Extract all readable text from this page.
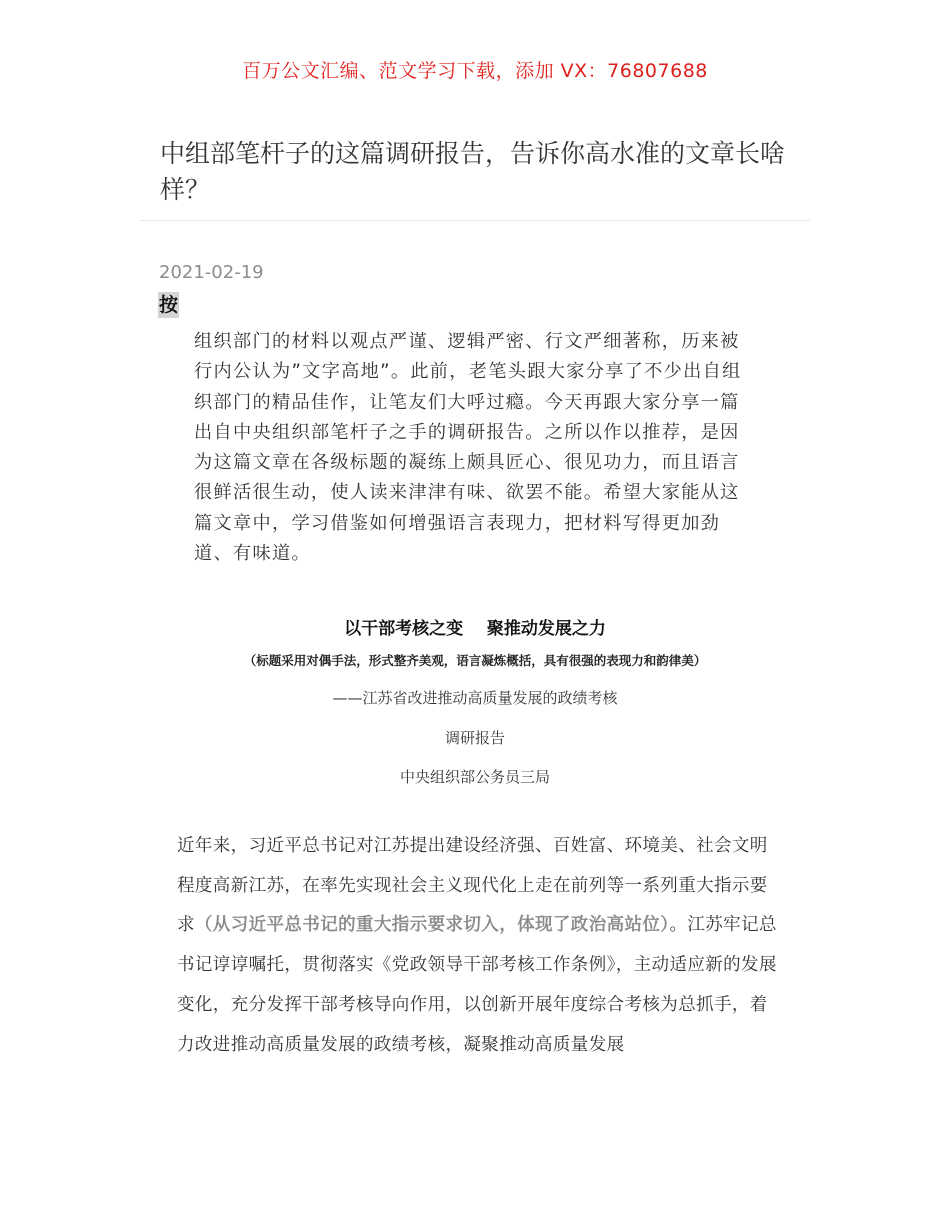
百万公文汇编、范文学习下载，添加 VX：76807688
中组部笔杆子的这篇调研报告，告诉你高水准的文章长啥样？
2021-02-19
按

组织部门的材料以观点严谨、逻辑严密、行文严细著称，历来被行内公认为”文字高地”。此前，老笔头跟大家分享了不少出自组织部门的精品佳作，让笔友们大呼过瘾。今天再跟大家分享一篇出自中央组织部笔杆子之手的调研报告。之所以作以推荐，是因为这篇文章在各级标题的凝练上颇具匠心、很见功力，而且语言很鲜活很生动，使人读来津津有味、欲罢不能。希望大家能从这篇文章中，学习借鉴如何增强语言表现力，把材料写得更加劲道、有味道。

以干部考核之变    聚推动发展之力
（标题采用对偶手法，形式整齐美观，语言凝炼概括，具有很强的表现力和韵律美）
——江苏省改进推动高质量发展的政绩考核
调研报告
中央组织部公务员三局

近年来，习近平总书记对江苏提出建设经济强、百姓富、环境美、社会文明程度高新江苏，在率先实现社会主义现代化上走在前列等一系列重大指示要求（从习近平总书记的重大指示要求切入，体现了政治高站位）。江苏牢记总书记谆谆嘱托，贯彻落实《党政领导干部考核工作条例》，主动适应新的发展变化，充分发挥干部考核导向作用，以创新开展年度综合考核为总抓手，着力改进推动高质量发展的政绩考核，凝聚推动高质量发展
